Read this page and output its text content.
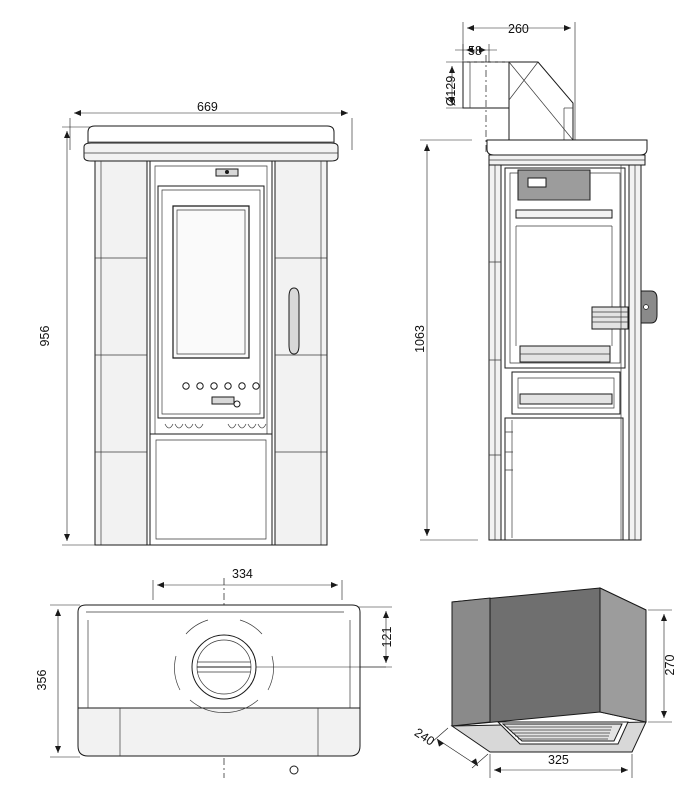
669
956
260
58
Ø129
1063
334
121
356
270
240
325
